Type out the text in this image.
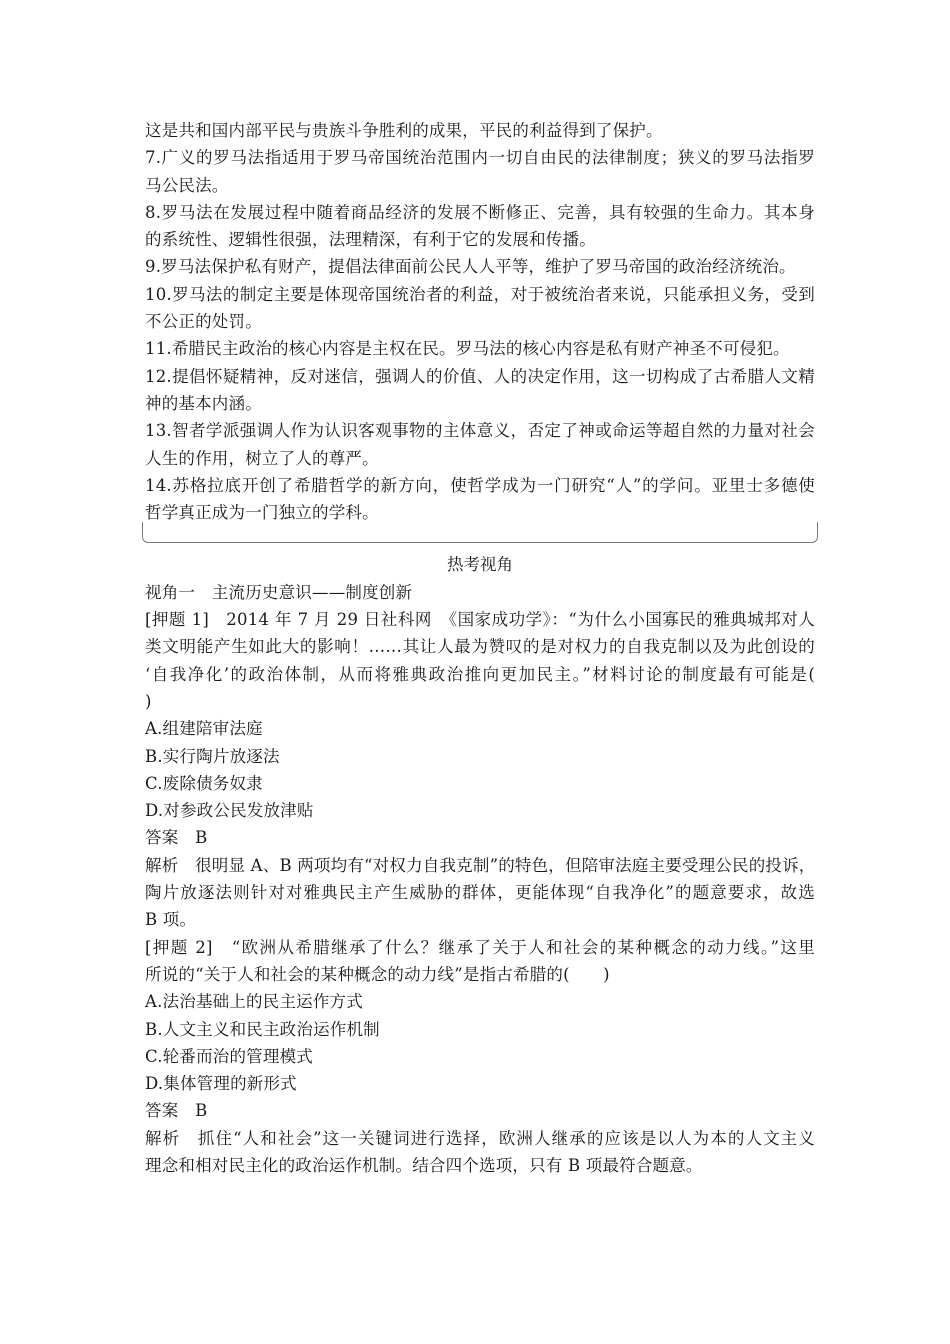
这是共和国内部平民与贵族斗争胜利的成果，平民的利益得到了保护。
7.广义的罗马法指适用于罗马帝国统治范围内一切自由民的法律制度；狭义的罗马法指罗
马公民法。
8.罗马法在发展过程中随着商品经济的发展不断修正、完善，具有较强的生命力。其本身
的系统性、逻辑性很强，法理精深，有利于它的发展和传播。
9.罗马法保护私有财产，提倡法律面前公民人人平等，维护了罗马帝国的政治经济统治。
10.罗马法的制定主要是体现帝国统治者的利益，对于被统治者来说，只能承担义务，受到
不公正的处罚。
11.希腊民主政治的核心内容是主权在民。罗马法的核心内容是私有财产神圣不可侵犯。
12.提倡怀疑精神，反对迷信，强调人的价值、人的决定作用，这一切构成了古希腊人文精
神的基本内涵。
13.智者学派强调人作为认识客观事物的主体意义，否定了神或命运等超自然的力量对社会
人生的作用，树立了人的尊严。
14.苏格拉底开创了希腊哲学的新方向，使哲学成为一门研究“人”的学问。亚里士多德使
哲学真正成为一门独立的学科。
热考视角
视角一　主流历史意识——制度创新
[押题 1]　2014 年 7 月 29 日社科网　《国家成功学》：“为什么小国寡民的雅典城邦对人
类文明能产生如此大的影响！……其让人最为赞叹的是对权力的自我克制以及为此创设的
‘自我净化’的政治体制，从而将雅典政治推向更加民主。”材料讨论的制度最有可能是(
)
A.组建陪审法庭
B.实行陶片放逐法
C.废除债务奴隶
D.对参政公民发放津贴
答案　B
解析　很明显 A、B 两项均有“对权力自我克制”的特色，但陪审法庭主要受理公民的投诉，
陶片放逐法则针对对雅典民主产生威胁的群体，更能体现“自我净化”的题意要求，故选
B 项。
[押题 2]　“欧洲从希腊继承了什么？继承了关于人和社会的某种概念的动力线。”这里
所说的“关于人和社会的某种概念的动力线”是指古希腊的(　　)
A.法治基础上的民主运作方式
B.人文主义和民主政治运作机制
C.轮番而治的管理模式
D.集体管理的新形式
答案　B
解析　抓住“人和社会”这一关键词进行选择，欧洲人继承的应该是以人为本的人文主义
理念和相对民主化的政治运作机制。结合四个选项，只有 B 项最符合题意。
